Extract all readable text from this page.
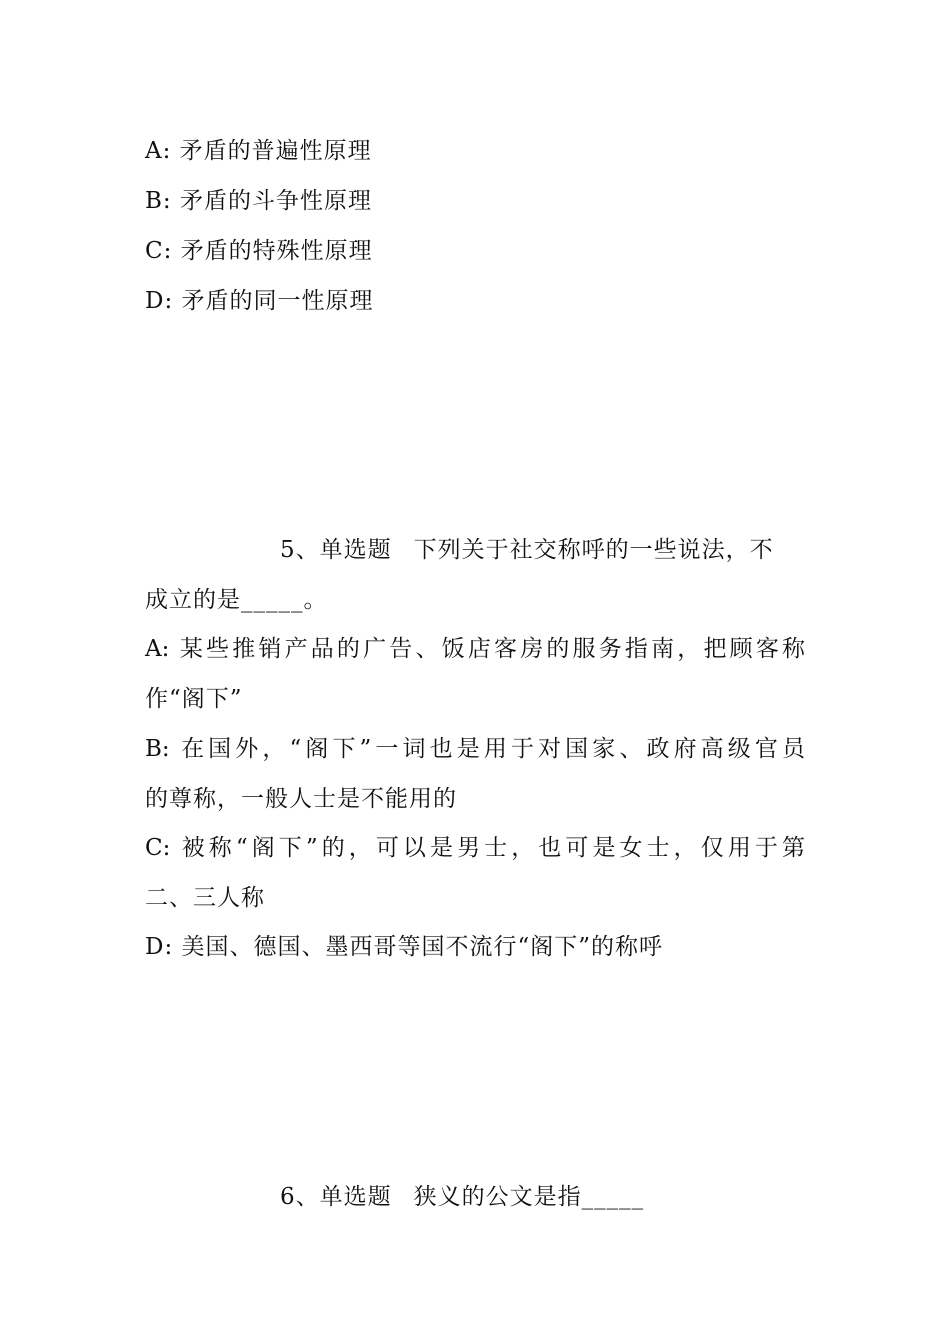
A: 矛盾的普遍性原理
B: 矛盾的斗争性原理
C: 矛盾的特殊性原理
D: 矛盾的同一性原理
5、单选题 下列关于社交称呼的一些说法，不
成立的是_____。
A: 某些推销产品的广告、饭店客房的服务指南，把顾客称
作“阁下”
B: 在国外，“阁下”一词也是用于对国家、政府高级官员
的尊称，一般人士是不能用的
C: 被称“阁下”的，可以是男士，也可是女士，仅用于第
二、三人称
D: 美国、德国、墨西哥等国不流行“阁下”的称呼
6、单选题 狭义的公文是指_____
